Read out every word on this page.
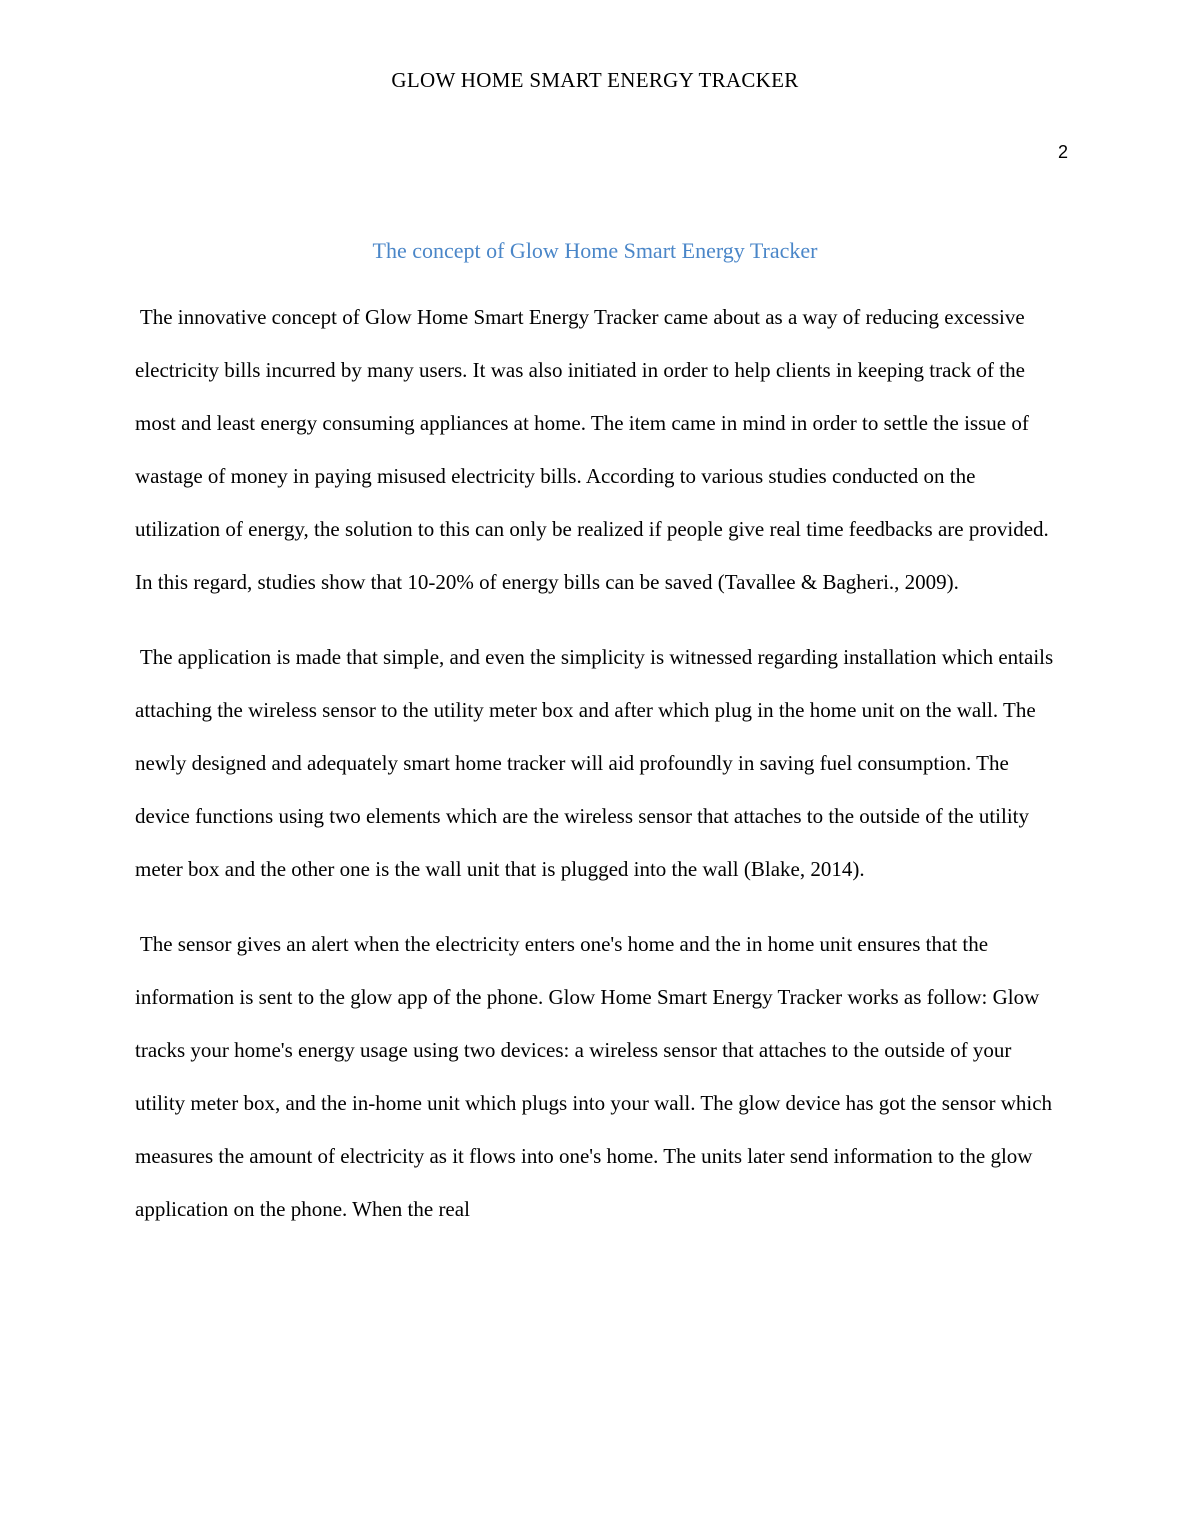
GLOW HOME SMART ENERGY TRACKER
2
The concept of Glow Home Smart Energy Tracker

The innovative concept of Glow Home Smart Energy Tracker came about as a way of reducing excessive electricity bills incurred by many users. It was also initiated in order to help clients in keeping track of the most and least energy consuming appliances at home. The item came in mind in order to settle the issue of wastage of money in paying misused electricity bills. According to various studies conducted on the utilization of energy, the solution to this can only be realized if people give real time feedbacks are provided. In this regard, studies show that 10-20% of energy bills can be saved (Tavallee & Bagheri., 2009).

The application is made that simple, and even the simplicity is witnessed regarding installation which entails attaching the wireless sensor to the utility meter box and after which plug in the home unit on the wall. The newly designed and adequately smart home tracker will aid profoundly in saving fuel consumption. The device functions using two elements which are the wireless sensor that attaches to the outside of the utility meter box and the other one is the wall unit that is plugged into the wall (Blake, 2014).

The sensor gives an alert when the electricity enters one's home and the in home unit ensures that the information is sent to the glow app of the phone. Glow Home Smart Energy Tracker works as follow: Glow tracks your home's energy usage using two devices: a wireless sensor that attaches to the outside of your utility meter box, and the in-home unit which plugs into your wall. The glow device has got the sensor which measures the amount of electricity as it flows into one's home. The units later send information to the glow application on the phone. When the real
